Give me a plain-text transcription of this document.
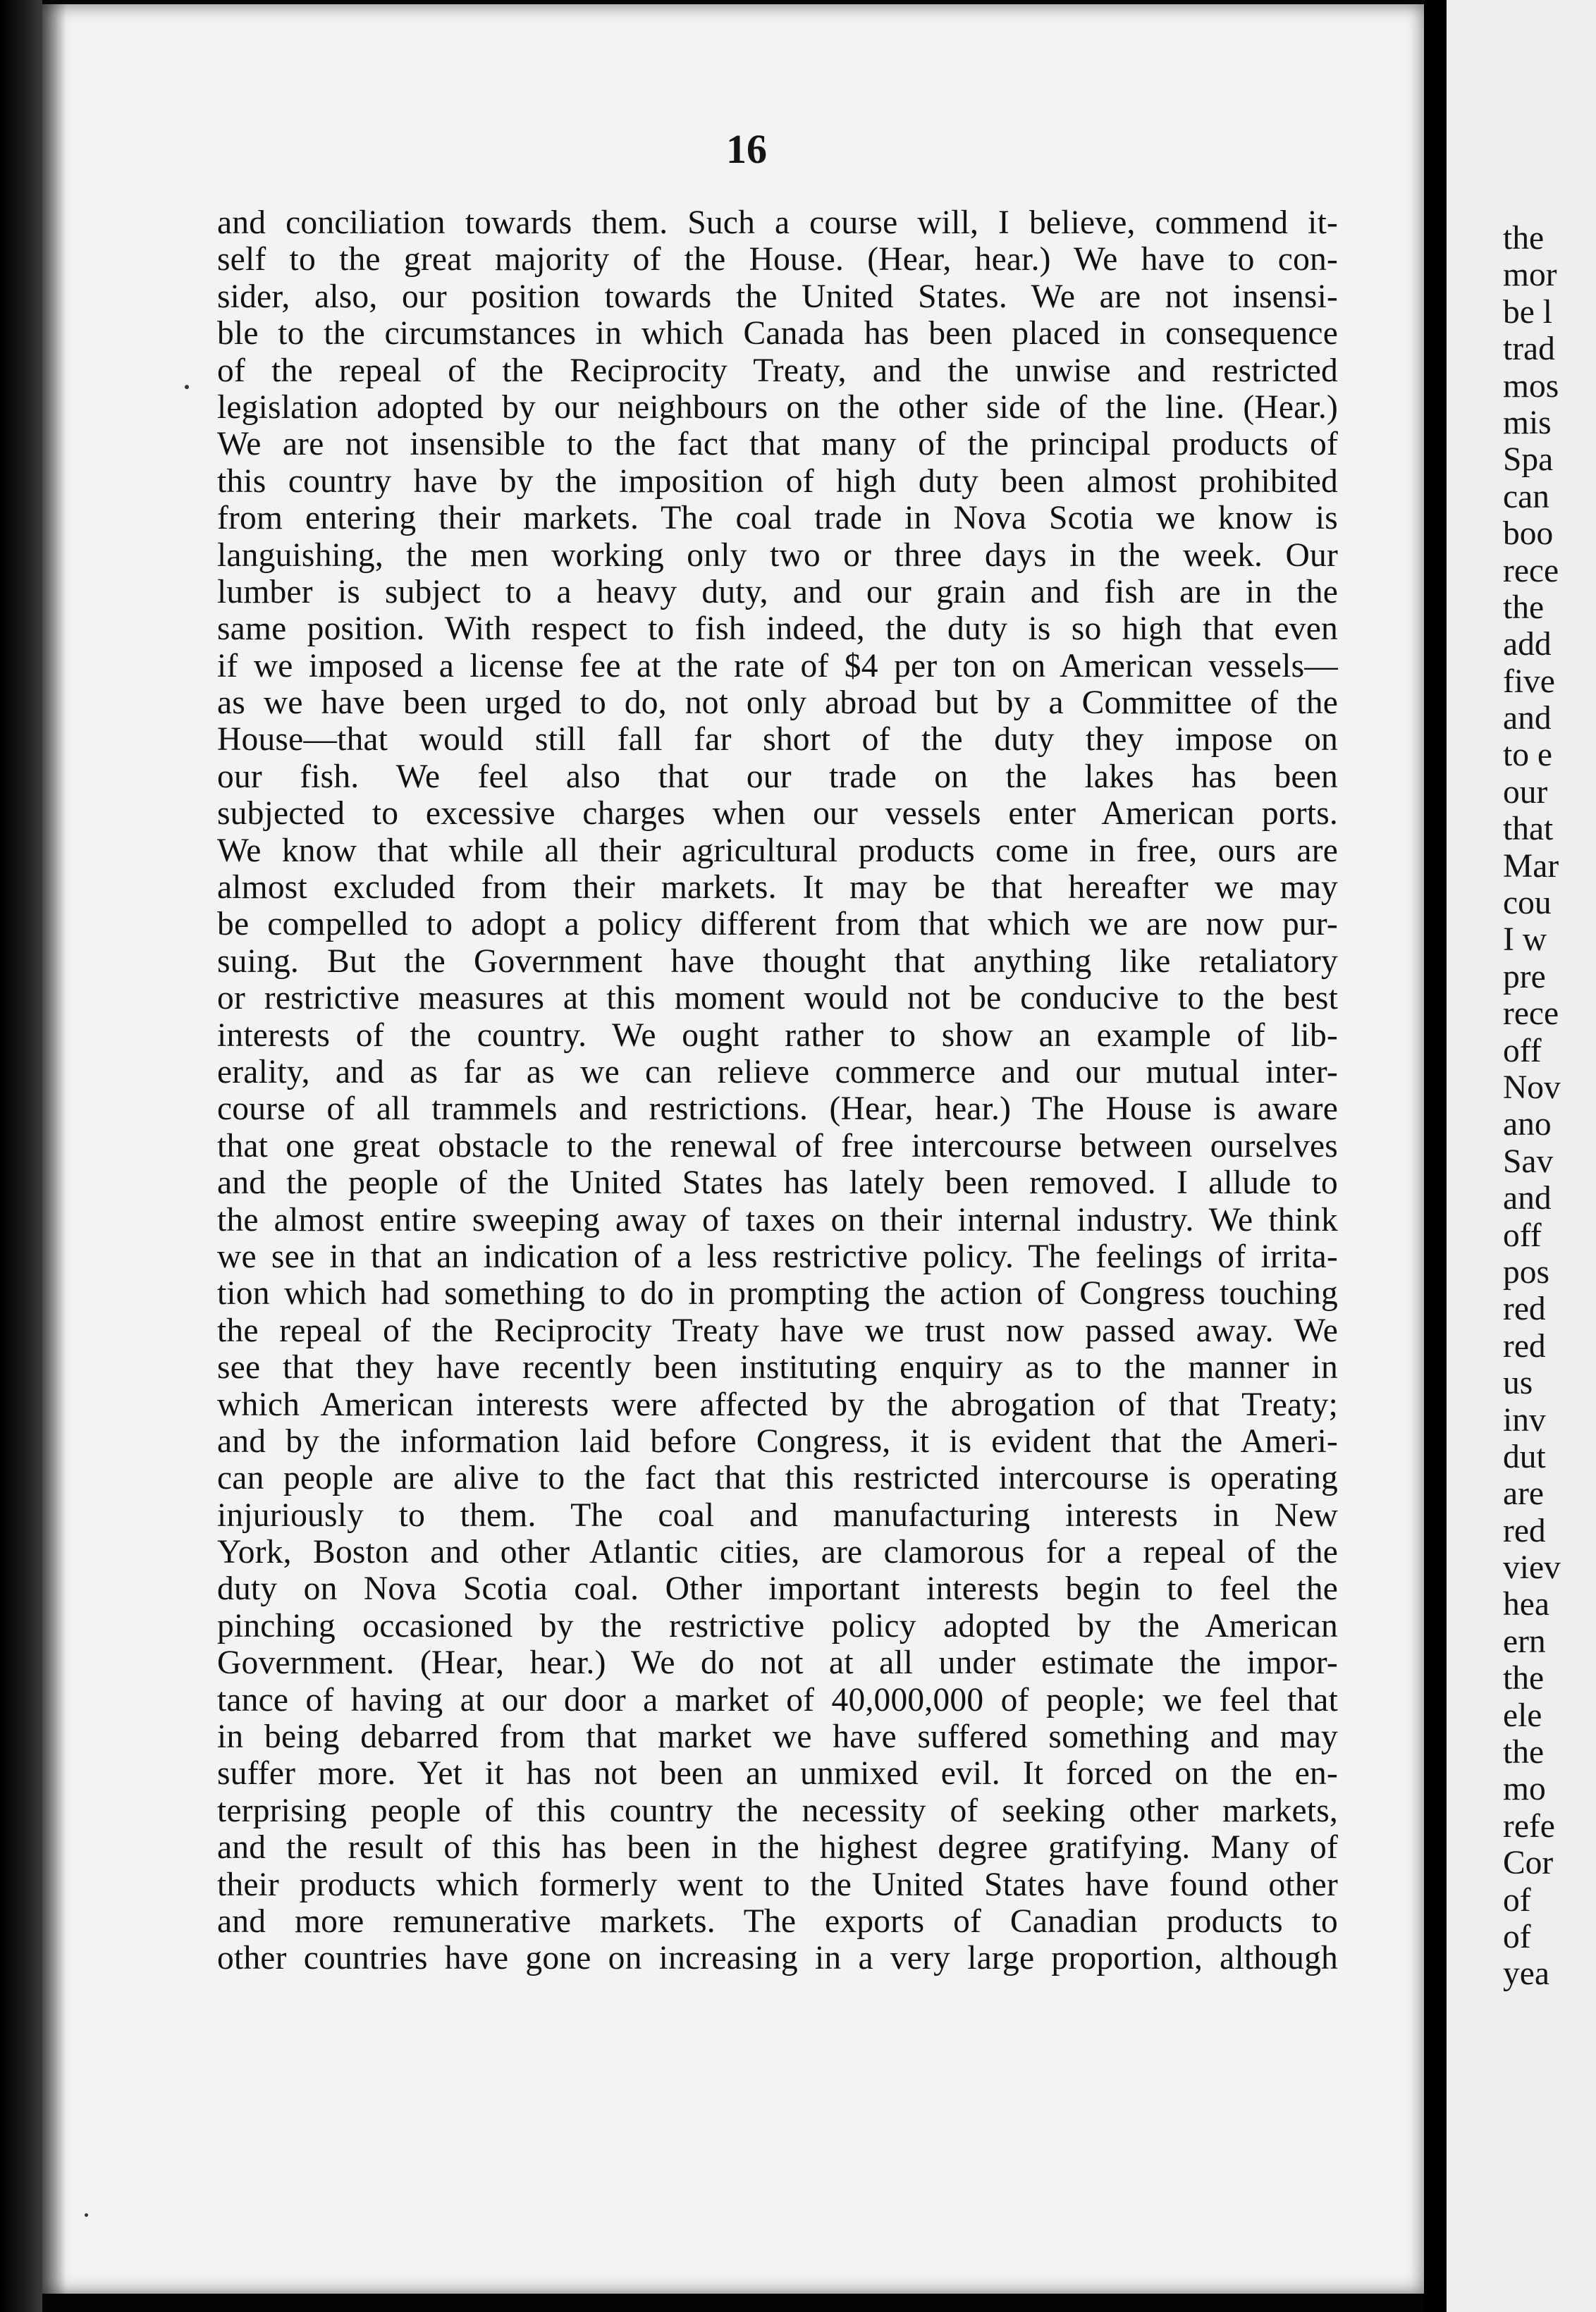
16
and conciliation towards them. Such a course will, I believe, commend it-
self to the great majority of the House. (Hear, hear.) We have to con-
sider, also, our position towards the United States. We are not insensi-
ble to the circumstances in which Canada has been placed in consequence
of the repeal of the Reciprocity Treaty, and the unwise and restricted
legislation adopted by our neighbours on the other side of the line. (Hear.)
We are not insensible to the fact that many of the principal products of
this country have by the imposition of high duty been almost prohibited
from entering their markets. The coal trade in Nova Scotia we know is
languishing, the men working only two or three days in the week. Our
lumber is subject to a heavy duty, and our grain and fish are in the
same position. With respect to fish indeed, the duty is so high that even
if we imposed a license fee at the rate of $4 per ton on American vessels—
as we have been urged to do, not only abroad but by a Committee of the
House—that would still fall far short of the duty they impose on
our fish. We feel also that our trade on the lakes has been
subjected to excessive charges when our vessels enter American ports.
We know that while all their agricultural products come in free, ours are
almost excluded from their markets. It may be that hereafter we may
be compelled to adopt a policy different from that which we are now pur-
suing. But the Government have thought that anything like retaliatory
or restrictive measures at this moment would not be conducive to the best
interests of the country. We ought rather to show an example of lib-
erality, and as far as we can relieve commerce and our mutual inter-
course of all trammels and restrictions. (Hear, hear.) The House is aware
that one great obstacle to the renewal of free intercourse between ourselves
and the people of the United States has lately been removed. I allude to
the almost entire sweeping away of taxes on their internal industry. We think
we see in that an indication of a less restrictive policy. The feelings of irrita-
tion which had something to do in prompting the action of Congress touching
the repeal of the Reciprocity Treaty have we trust now passed away. We
see that they have recently been instituting enquiry as to the manner in
which American interests were affected by the abrogation of that Treaty;
and by the information laid before Congress, it is evident that the Ameri-
can people are alive to the fact that this restricted intercourse is operating
injuriously to them. The coal and manufacturing interests in New
York, Boston and other Atlantic cities, are clamorous for a repeal of the
duty on Nova Scotia coal. Other important interests begin to feel the
pinching occasioned by the restrictive policy adopted by the American
Government. (Hear, hear.) We do not at all under estimate the impor-
tance of having at our door a market of 40,000,000 of people; we feel that
in being debarred from that market we have suffered something and may
suffer more. Yet it has not been an unmixed evil. It forced on the en-
terprising people of this country the necessity of seeking other markets,
and the result of this has been in the highest degree gratifying. Many of
their products which formerly went to the United States have found other
and more remunerative markets. The exports of Canadian products to
other countries have gone on increasing in a very large proportion, although
the
mor
be l
trad
mos
mis
Spa
can
boo
rece
the
add
five
and
to e
our
that
Mar
cou
I w
pre
rece
off
Nov
ano
Sav
and
off
pos
red
red
us
inv
dut
are
red
viev
hea
ern
the
ele
the
mo
refe
Cor
of
of
yea
